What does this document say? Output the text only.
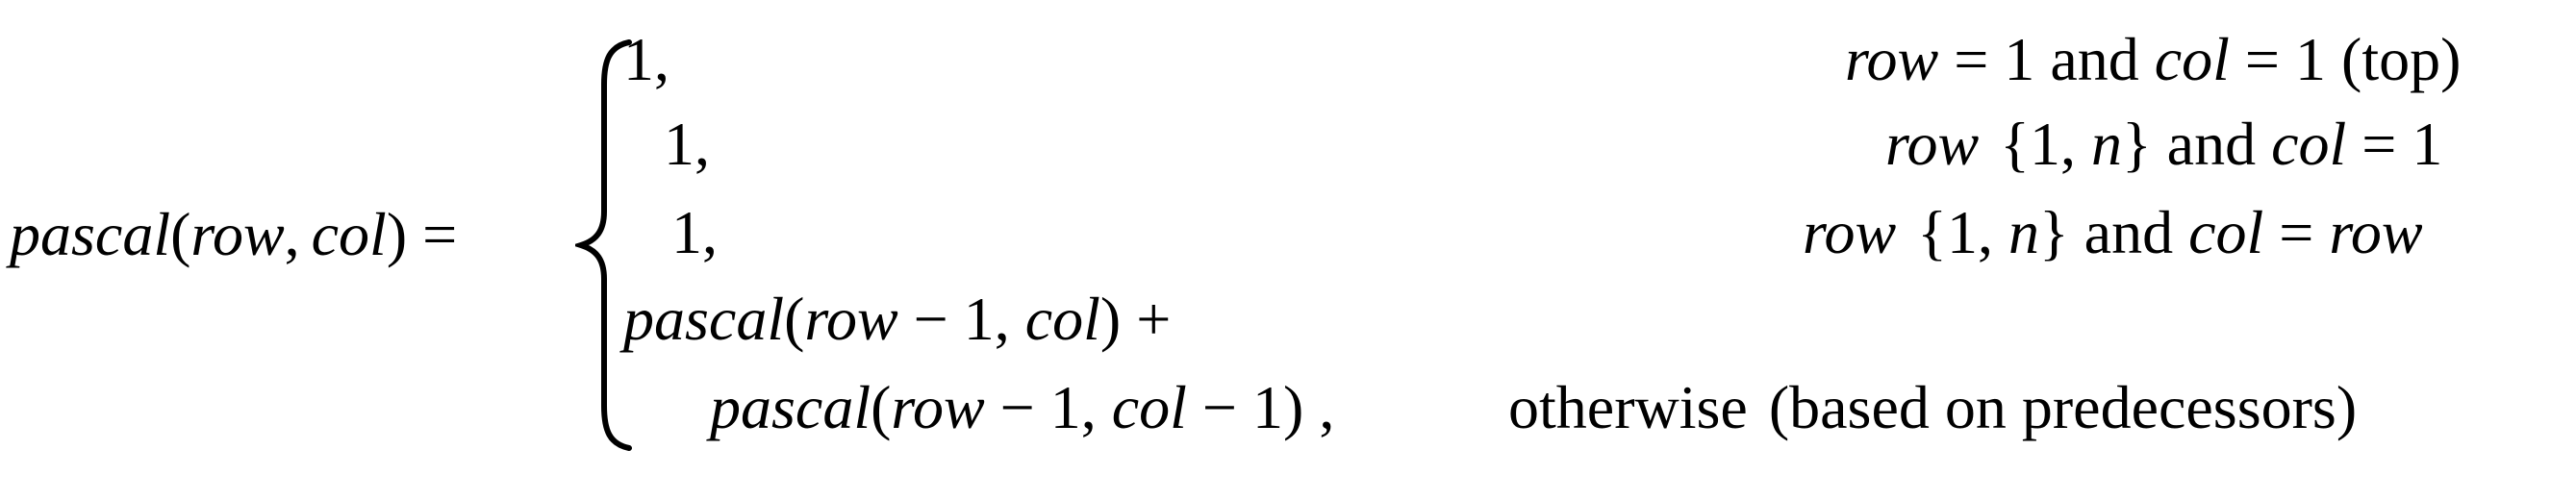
pascal(row, col) =
1,	row = 1 and col = 1 (top)
1,	row {1, n} and col = 1
1,	row {1, n} and col = row
pascal(row − 1, col) +
pascal(row − 1, col − 1) ,	otherwise (based on predecessors)
